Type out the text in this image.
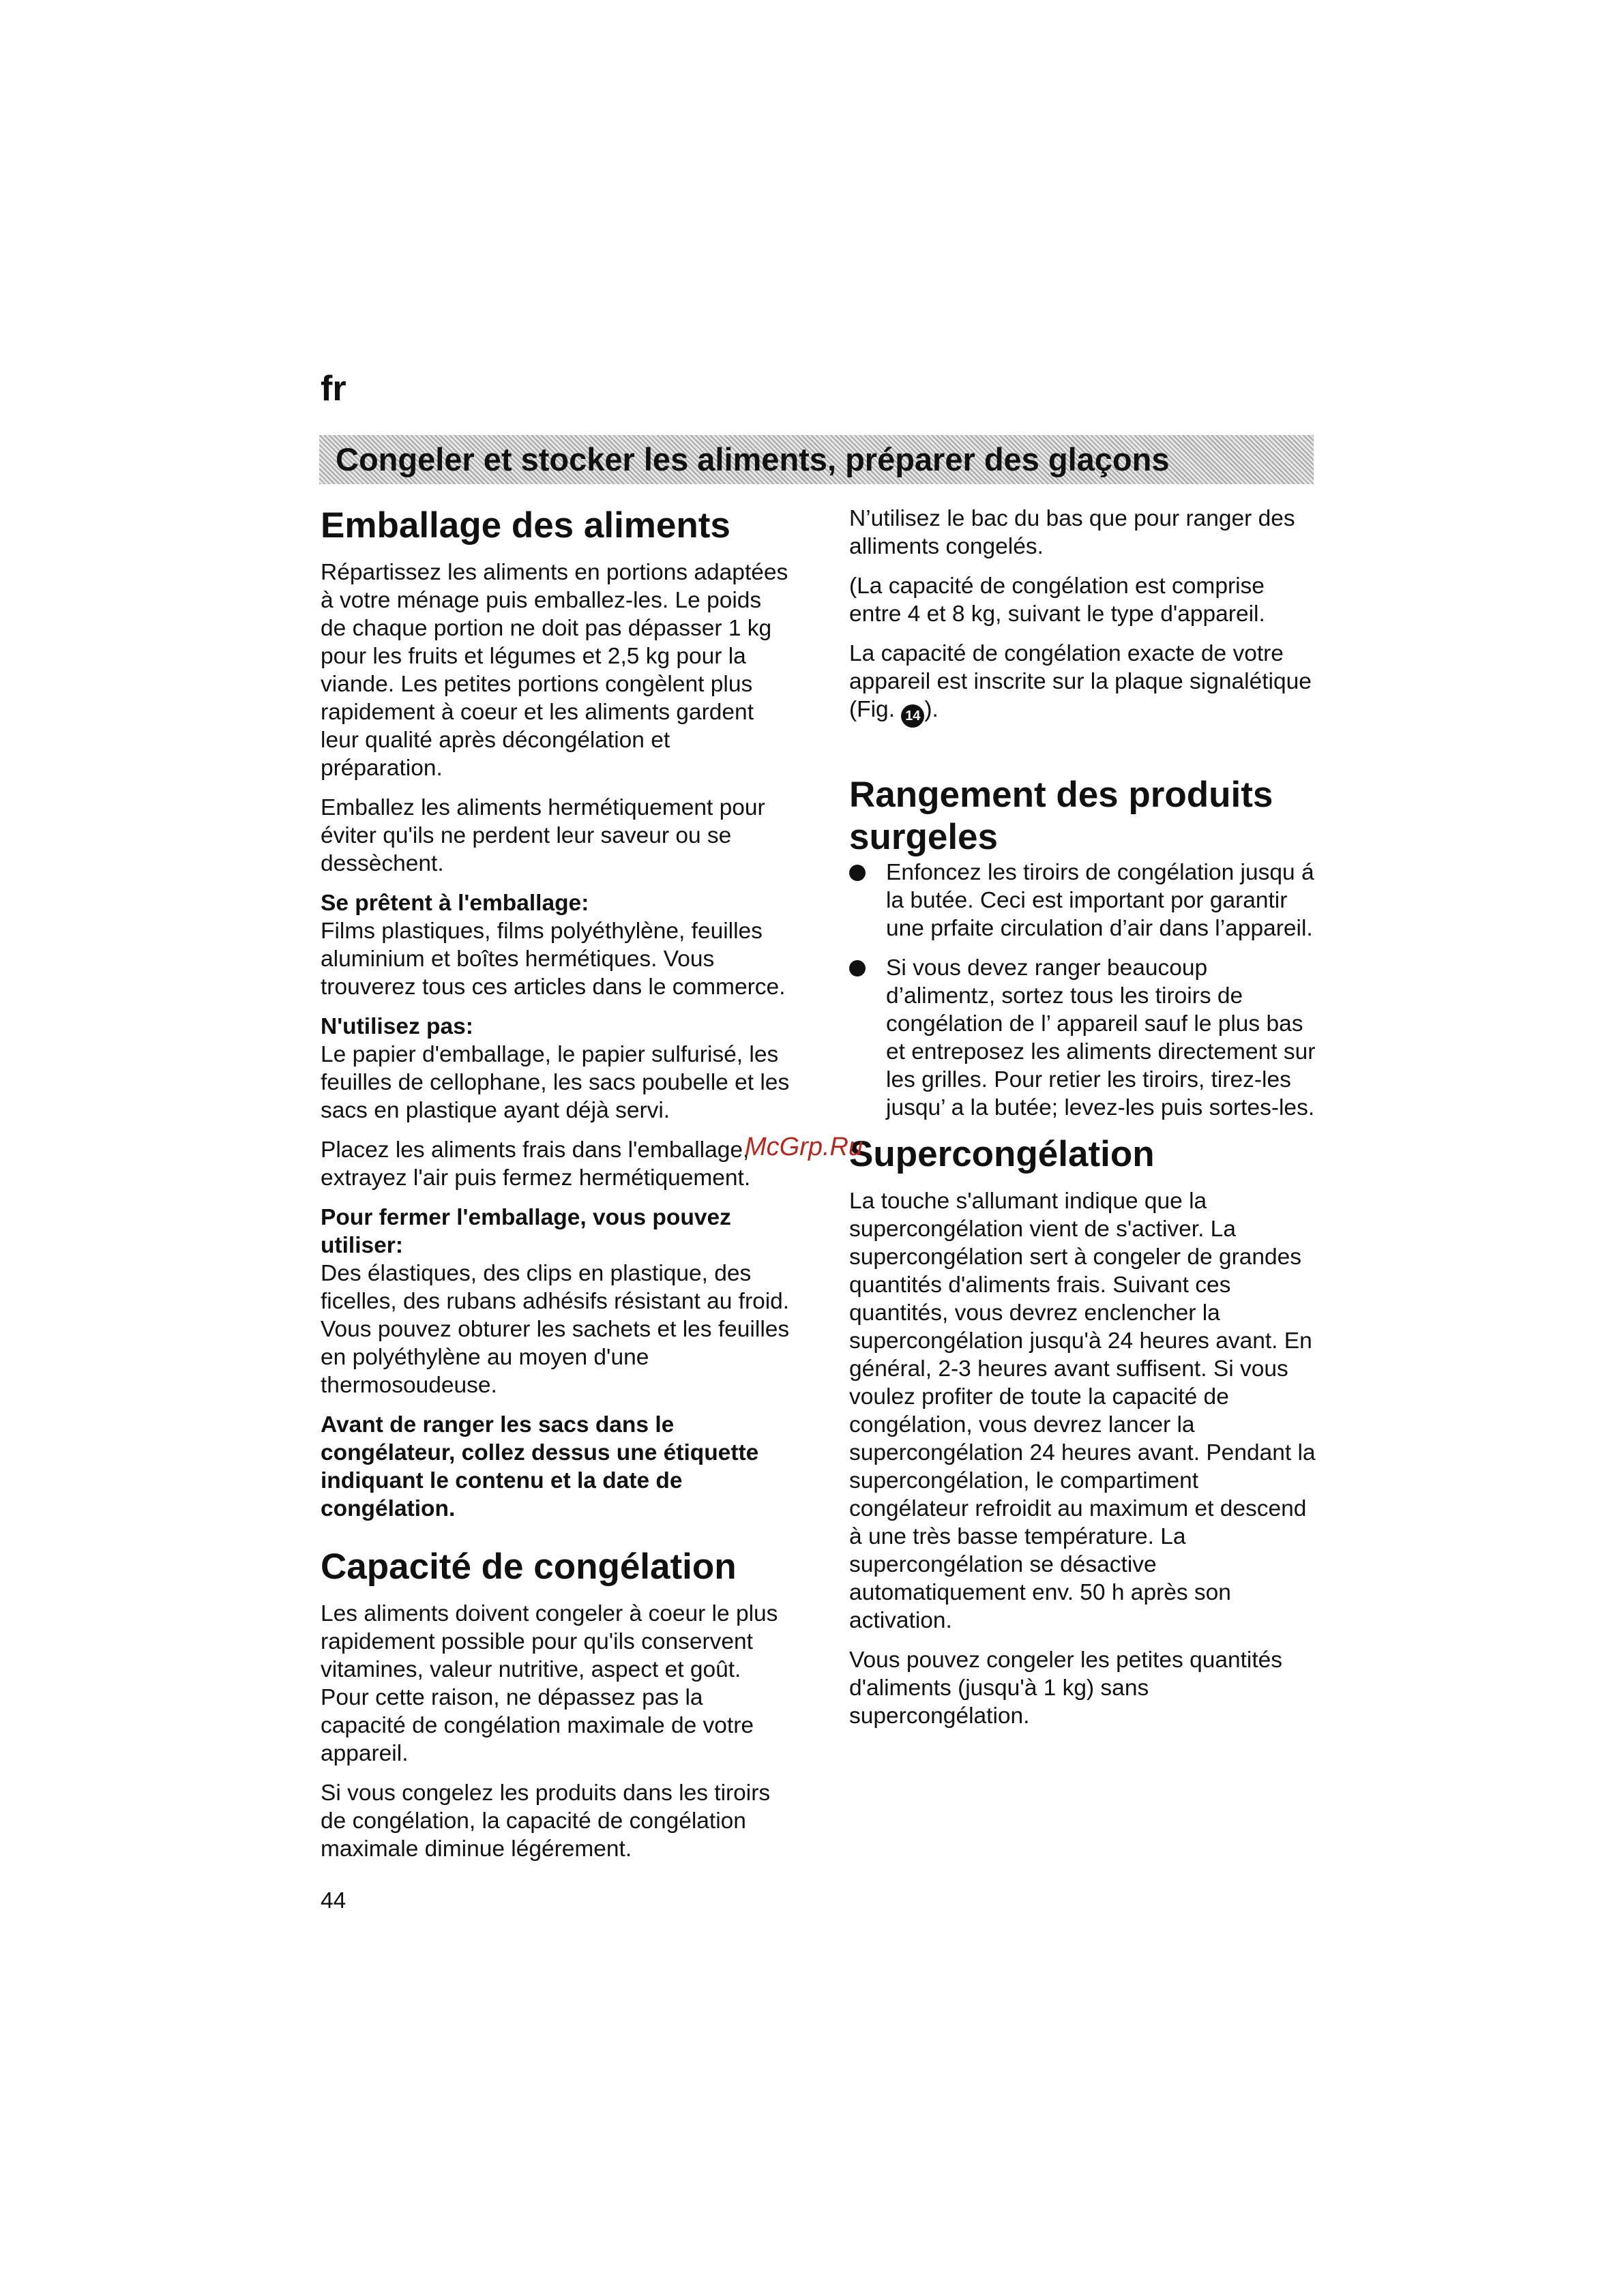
fr
Congeler et stocker les aliments, préparer des glaçons
Emballage des aliments

Répartissez les aliments en portions adaptées à votre ménage puis emballez-les. Le poids de chaque portion ne doit pas dépasser 1 kg pour les fruits et légumes et 2,5 kg pour la viande. Les petites portions congèlent plus rapidement à coeur et les aliments gardent leur qualité après décongélation et préparation.

Emballez les aliments hermétiquement pour éviter qu'ils ne perdent leur saveur ou se dessèchent.

Se prêtent à l'emballage:

Films plastiques, films polyéthylène, feuilles aluminium et boîtes hermétiques. Vous trouverez tous ces articles dans le commerce.

N'utilisez pas:

Le papier d'emballage, le papier sulfurisé, les feuilles de cellophane, les sacs poubelle et les sacs en plastique ayant déjà servi.

Placez les aliments frais dans l'emballage, extrayez l'air puis fermez hermétiquement.

Pour fermer l'emballage, vous pouvez utiliser:

Des élastiques, des clips en plastique, des ficelles, des rubans adhésifs résistant au froid. Vous pouvez obturer les sachets et les feuilles en polyéthylène au moyen d'une thermosoudeuse.

Avant de ranger les sacs dans le congélateur, collez dessus une étiquette indiquant le contenu et la date de congélation.

Capacité de congélation

Les aliments doivent congeler à coeur le plus rapidement possible pour qu'ils conservent vitamines, valeur nutritive, aspect et goût. Pour cette raison, ne dépassez pas la capacité de congélation maximale de votre appareil.

Si vous congelez les produits dans les tiroirs de congélation, la capacité de congélation maximale diminue légérement.

44

N’utilisez le bac du bas que pour ranger des alliments congelés.

(La capacité de congélation est comprise entre 4 et 8 kg, suivant le type d'appareil.

La capacité de congélation exacte de votre appareil est inscrite sur la plaque signalétique (Fig. 14 ).

Rangement des produits surgeles
Enfoncez les tiroirs de congélation jusqu á la butée. Ceci est important por garantir une prfaite circulation d’air dans l’appareil.
Si vous devez ranger beaucoup d’alimentz, sortez tous les tiroirs de congélation de l’ appareil sauf le plus bas et entreposez les aliments directement sur les grilles. Pour retier les tiroirs, tirez-les jusqu’ a la butée; levez-les puis sortes-les.
Supercongélation

La touche s'allumant indique que la supercongélation vient de s'activer. La supercongélation sert à congeler de grandes quantités d'aliments frais. Suivant ces quantités, vous devrez enclencher la supercongélation jusqu'à 24 heures avant. En général, 2-3 heures avant suffisent. Si vous voulez profiter de toute la capacité de congélation, vous devrez lancer la supercongélation 24 heures avant. Pendant la supercongélation, le compartiment congélateur refroidit au maximum et descend à une très basse température. La supercongélation se désactive automatiquement env. 50 h après son activation.

Vous pouvez congeler les petites quantités d'aliments (jusqu'à 1 kg) sans supercongélation.

McGrp.Ru
